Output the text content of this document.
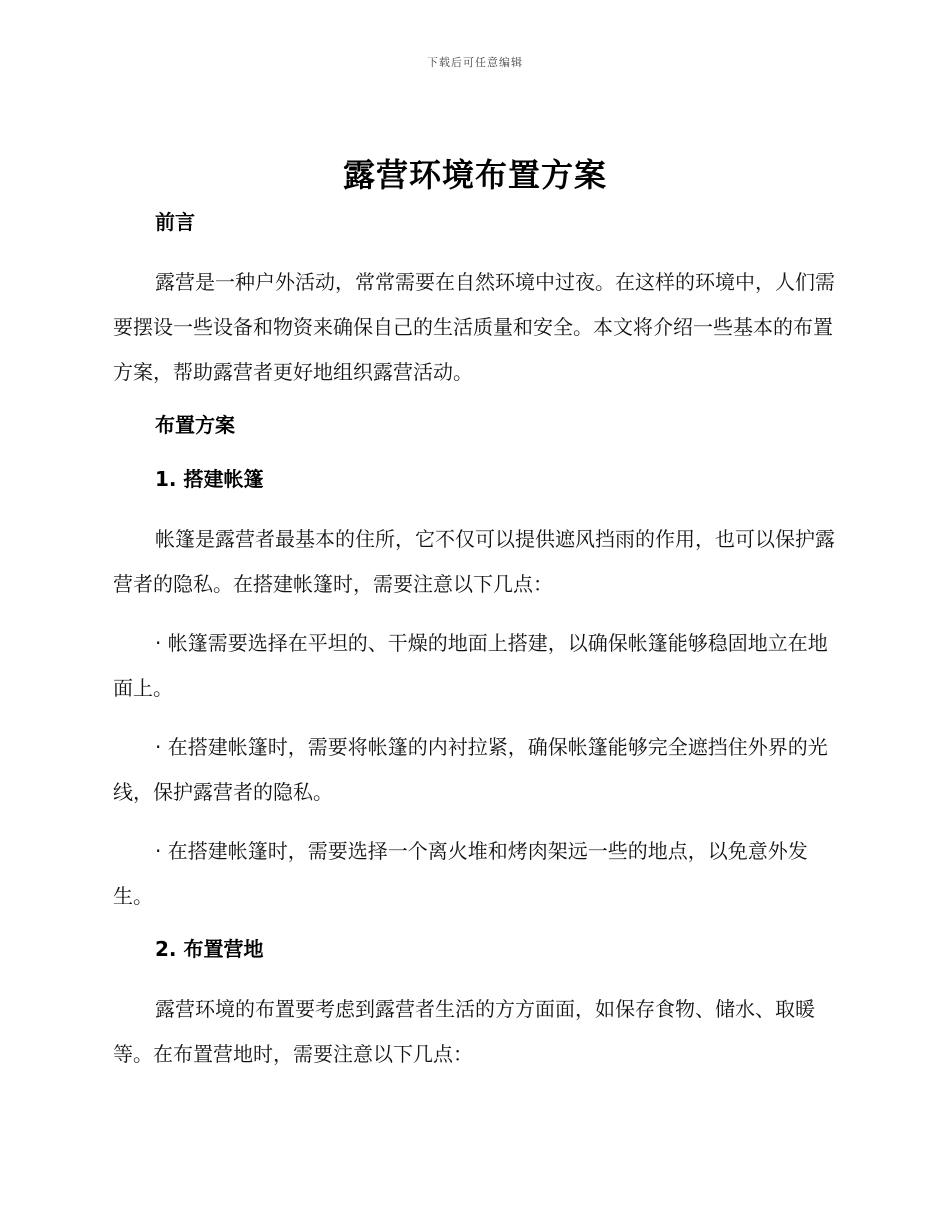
下载后可任意编辑
露营环境布置方案

前言

露营是一种户外活动，常常需要在自然环境中过夜。在这样的环境中，人们需要摆设一些设备和物资来确保自己的生活质量和安全。本文将介绍一些基本的布置方案，帮助露营者更好地组织露营活动。

布置方案

1. 搭建帐篷

帐篷是露营者最基本的住所，它不仅可以提供遮风挡雨的作用，也可以保护露营者的隐私。在搭建帐篷时，需要注意以下几点：

· 帐篷需要选择在平坦的、干燥的地面上搭建，以确保帐篷能够稳固地立在地面上。

· 在搭建帐篷时，需要将帐篷的内衬拉紧，确保帐篷能够完全遮挡住外界的光线，保护露营者的隐私。

· 在搭建帐篷时，需要选择一个离火堆和烤肉架远一些的地点，以免意外发生。

2. 布置营地

露营环境的布置要考虑到露营者生活的方方面面，如保存食物、储水、取暖等。在布置营地时，需要注意以下几点：
